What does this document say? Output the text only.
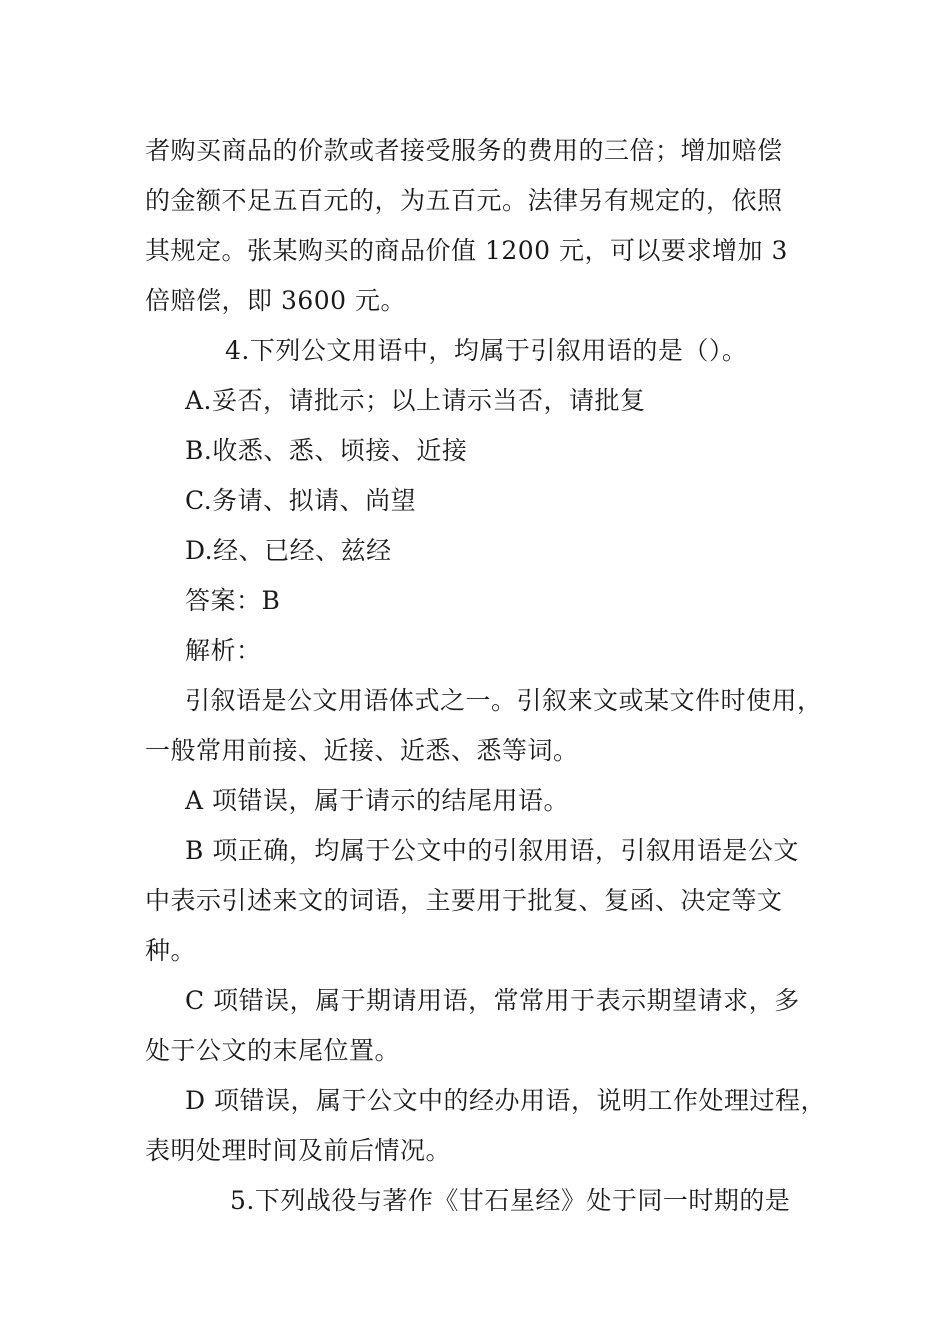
者购买商品的价款或者接受服务的费用的三倍；增加赔偿

的金额不足五百元的，为五百元。法律另有规定的，依照

其规定。张某购买的商品价值 1200 元，可以要求增加 3

倍赔偿，即 3600 元。

4.下列公文用语中，均属于引叙用语的是（）。

A.妥否，请批示；以上请示当否，请批复

B.收悉、悉、顷接、近接

C.务请、拟请、尚望

D.经、已经、兹经

答案：B

解析：

引叙语是公文用语体式之一。引叙来文或某文件时使用，

一般常用前接、近接、近悉、悉等词。

A 项错误，属于请示的结尾用语。

B 项正确，均属于公文中的引叙用语，引叙用语是公文

中表示引述来文的词语，主要用于批复、复函、决定等文

种。

C 项错误，属于期请用语，常常用于表示期望请求，多

处于公文的末尾位置。

D 项错误，属于公文中的经办用语，说明工作处理过程，

表明处理时间及前后情况。

5.下列战役与著作《甘石星经》处于同一时期的是
